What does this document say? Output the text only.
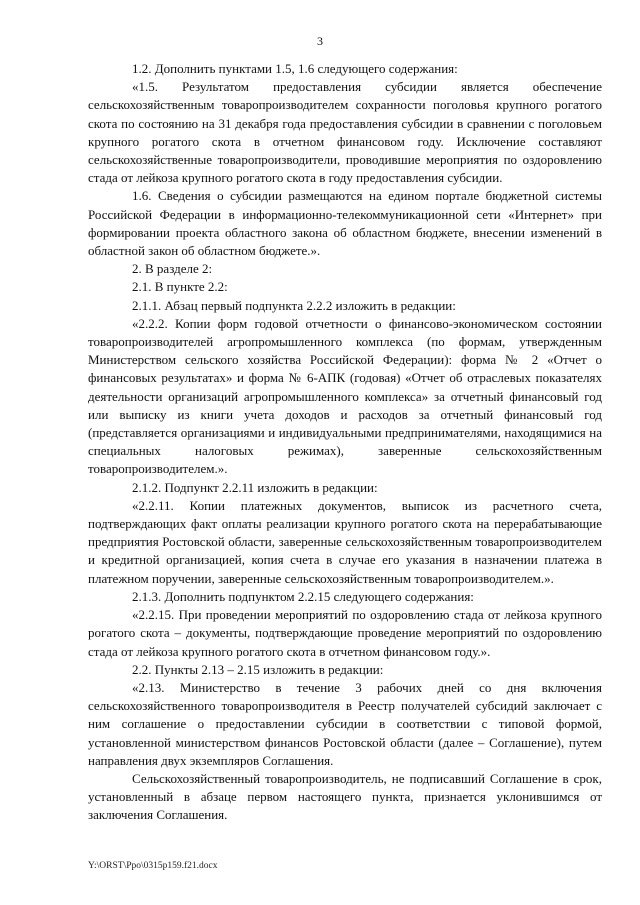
3

1.2. Дополнить пунктами 1.5, 1.6 следующего содержания:

«1.5. Результатом предоставления субсидии является обеспечение сельскохозяйственным товаропроизводителем сохранности поголовья крупного рогатого скота по состоянию на 31 декабря года предоставления субсидии в сравнении с поголовьем крупного рогатого скота в отчетном финансовом году. Исключение составляют сельскохозяйственные товаропроизводители, проводившие мероприятия по оздоровлению стада от лейкоза крупного рогатого скота в году предоставления субсидии.

1.6. Сведения о субсидии размещаются на едином портале бюджетной системы Российской Федерации в информационно-телекоммуникационной сети «Интернет» при формировании проекта областного закона об областном бюджете, внесении изменений в областной закон об областном бюджете.».

2. В разделе 2:

2.1. В пункте 2.2:

2.1.1. Абзац первый подпункта 2.2.2 изложить в редакции:

«2.2.2. Копии форм годовой отчетности о финансово-экономическом состоянии товаропроизводителей агропромышленного комплекса (по формам, утвержденным Министерством сельского хозяйства Российской Федерации): форма № 2 «Отчет о финансовых результатах» и форма № 6-АПК (годовая) «Отчет об отраслевых показателях деятельности организаций агропромышленного комплекса» за отчетный финансовый год или выписку из книги учета доходов и расходов за отчетный финансовый год (представляется организациями и индивидуальными предпринимателями, находящимися на специальных налоговых режимах), заверенные сельскохозяйственным товаропроизводителем.».

2.1.2. Подпункт 2.2.11 изложить в редакции:

«2.2.11. Копии платежных документов, выписок из расчетного счета, подтверждающих факт оплаты реализации крупного рогатого скота на перерабатывающие предприятия Ростовской области, заверенные сельскохозяйственным товаропроизводителем и кредитной организацией, копия счета в случае его указания в назначении платежа в платежном поручении, заверенные сельскохозяйственным товаропроизводителем.».

2.1.3. Дополнить подпунктом 2.2.15 следующего содержания:

«2.2.15. При проведении мероприятий по оздоровлению стада от лейкоза крупного рогатого скота – документы, подтверждающие проведение мероприятий по оздоровлению стада от лейкоза крупного рогатого скота в отчетном финансовом году.».

2.2. Пункты 2.13 – 2.15 изложить в редакции:

«2.13. Министерство в течение 3 рабочих дней со дня включения сельскохозяйственного товаропроизводителя в Реестр получателей субсидий заключает с ним соглашение о предоставлении субсидии в соответствии с типовой формой, установленной министерством финансов Ростовской области (далее – Соглашение), путем направления двух экземпляров Соглашения.

Сельскохозяйственный товаропроизводитель, не подписавший Соглашение в срок, установленный в абзаце первом настоящего пункта, признается уклонившимся от заключения Соглашения.

Y:\ORST\Ppo\0315p159.f21.docx
